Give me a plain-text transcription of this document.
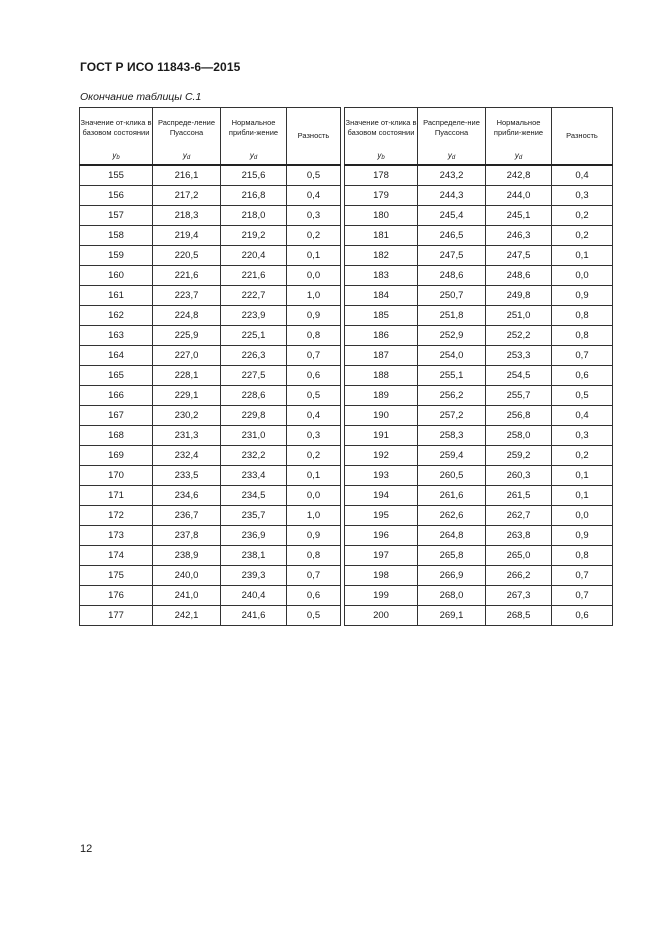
ГОСТ Р ИСО 11843-6—2015
Окончание таблицы С.1
Значение от-клика в базовом состоянии	Распреде-ление Пуассона	Нормальное прибли-жение	Разность
$y_b$	$y_d$	$y_d$
155	216,1	215,6	0,5
156	217,2	216,8	0,4
157	218,3	218,0	0,3
158	219,4	219,2	0,2
159	220,5	220,4	0,1
160	221,6	221,6	0,0
161	223,7	222,7	1,0
162	224,8	223,9	0,9
163	225,9	225,1	0,8
164	227,0	226,3	0,7
165	228,1	227,5	0,6
166	229,1	228,6	0,5
167	230,2	229,8	0,4
168	231,3	231,0	0,3
169	232,4	232,2	0,2
170	233,5	233,4	0,1
171	234,6	234,5	0,0
172	236,7	235,7	1,0
173	237,8	236,9	0,9
174	238,9	238,1	0,8
175	240,0	239,3	0,7
176	241,0	240,4	0,6
177	242,1	241,6	0,5
Значение от-клика в базовом состоянии	Распределе-ние Пуассона	Нормальное прибли-жение	Разность
$y_b$	$y_d$	$y_d$
178	243,2	242,8	0,4
179	244,3	244,0	0,3
180	245,4	245,1	0,2
181	246,5	246,3	0,2
182	247,5	247,5	0,1
183	248,6	248,6	0,0
184	250,7	249,8	0,9
185	251,8	251,0	0,8
186	252,9	252,2	0,8
187	254,0	253,3	0,7
188	255,1	254,5	0,6
189	256,2	255,7	0,5
190	257,2	256,8	0,4
191	258,3	258,0	0,3
192	259,4	259,2	0,2
193	260,5	260,3	0,1
194	261,6	261,5	0,1
195	262,6	262,7	0,0
196	264,8	263,8	0,9
197	265,8	265,0	0,8
198	266,9	266,2	0,7
199	268,0	267,3	0,7
200	269,1	268,5	0,6
12
